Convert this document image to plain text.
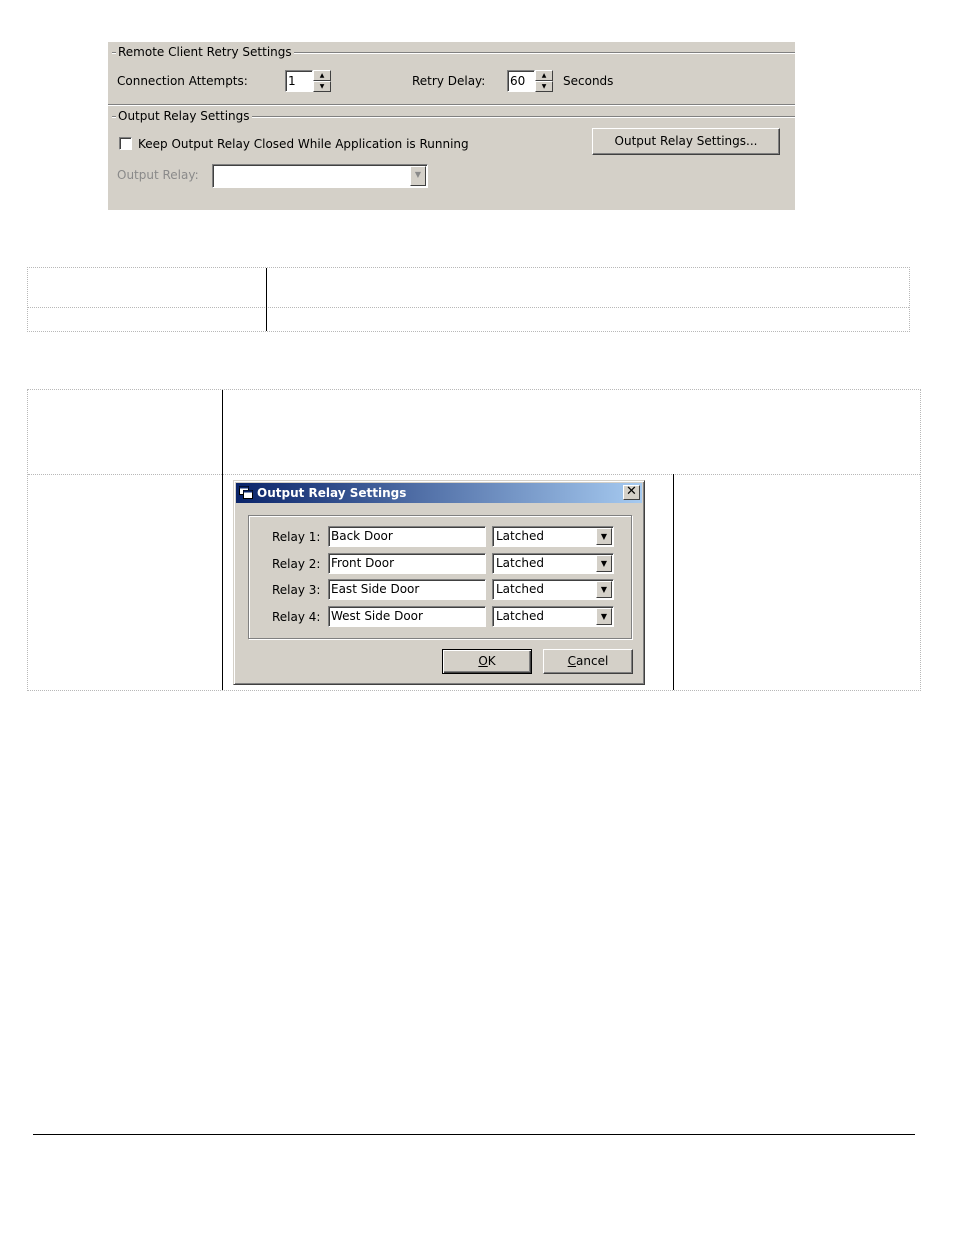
Remote Client Retry Settings
Connection Attempts:	1	▲
▼	Retry Delay: 60	▲
▼	Seconds
Output Relay Settings
Keep Output Relay Closed While Application is Running	Output Relay Settings...
Output Relay:	▼
Output Relay Settings	✕
Relay 1: Back Door	Latched	▼
Relay 2: Front Door	Latched	▼
Relay 3: East Side Door	Latched	▼
Relay 4: West Side Door	Latched	▼
OK	Cancel
